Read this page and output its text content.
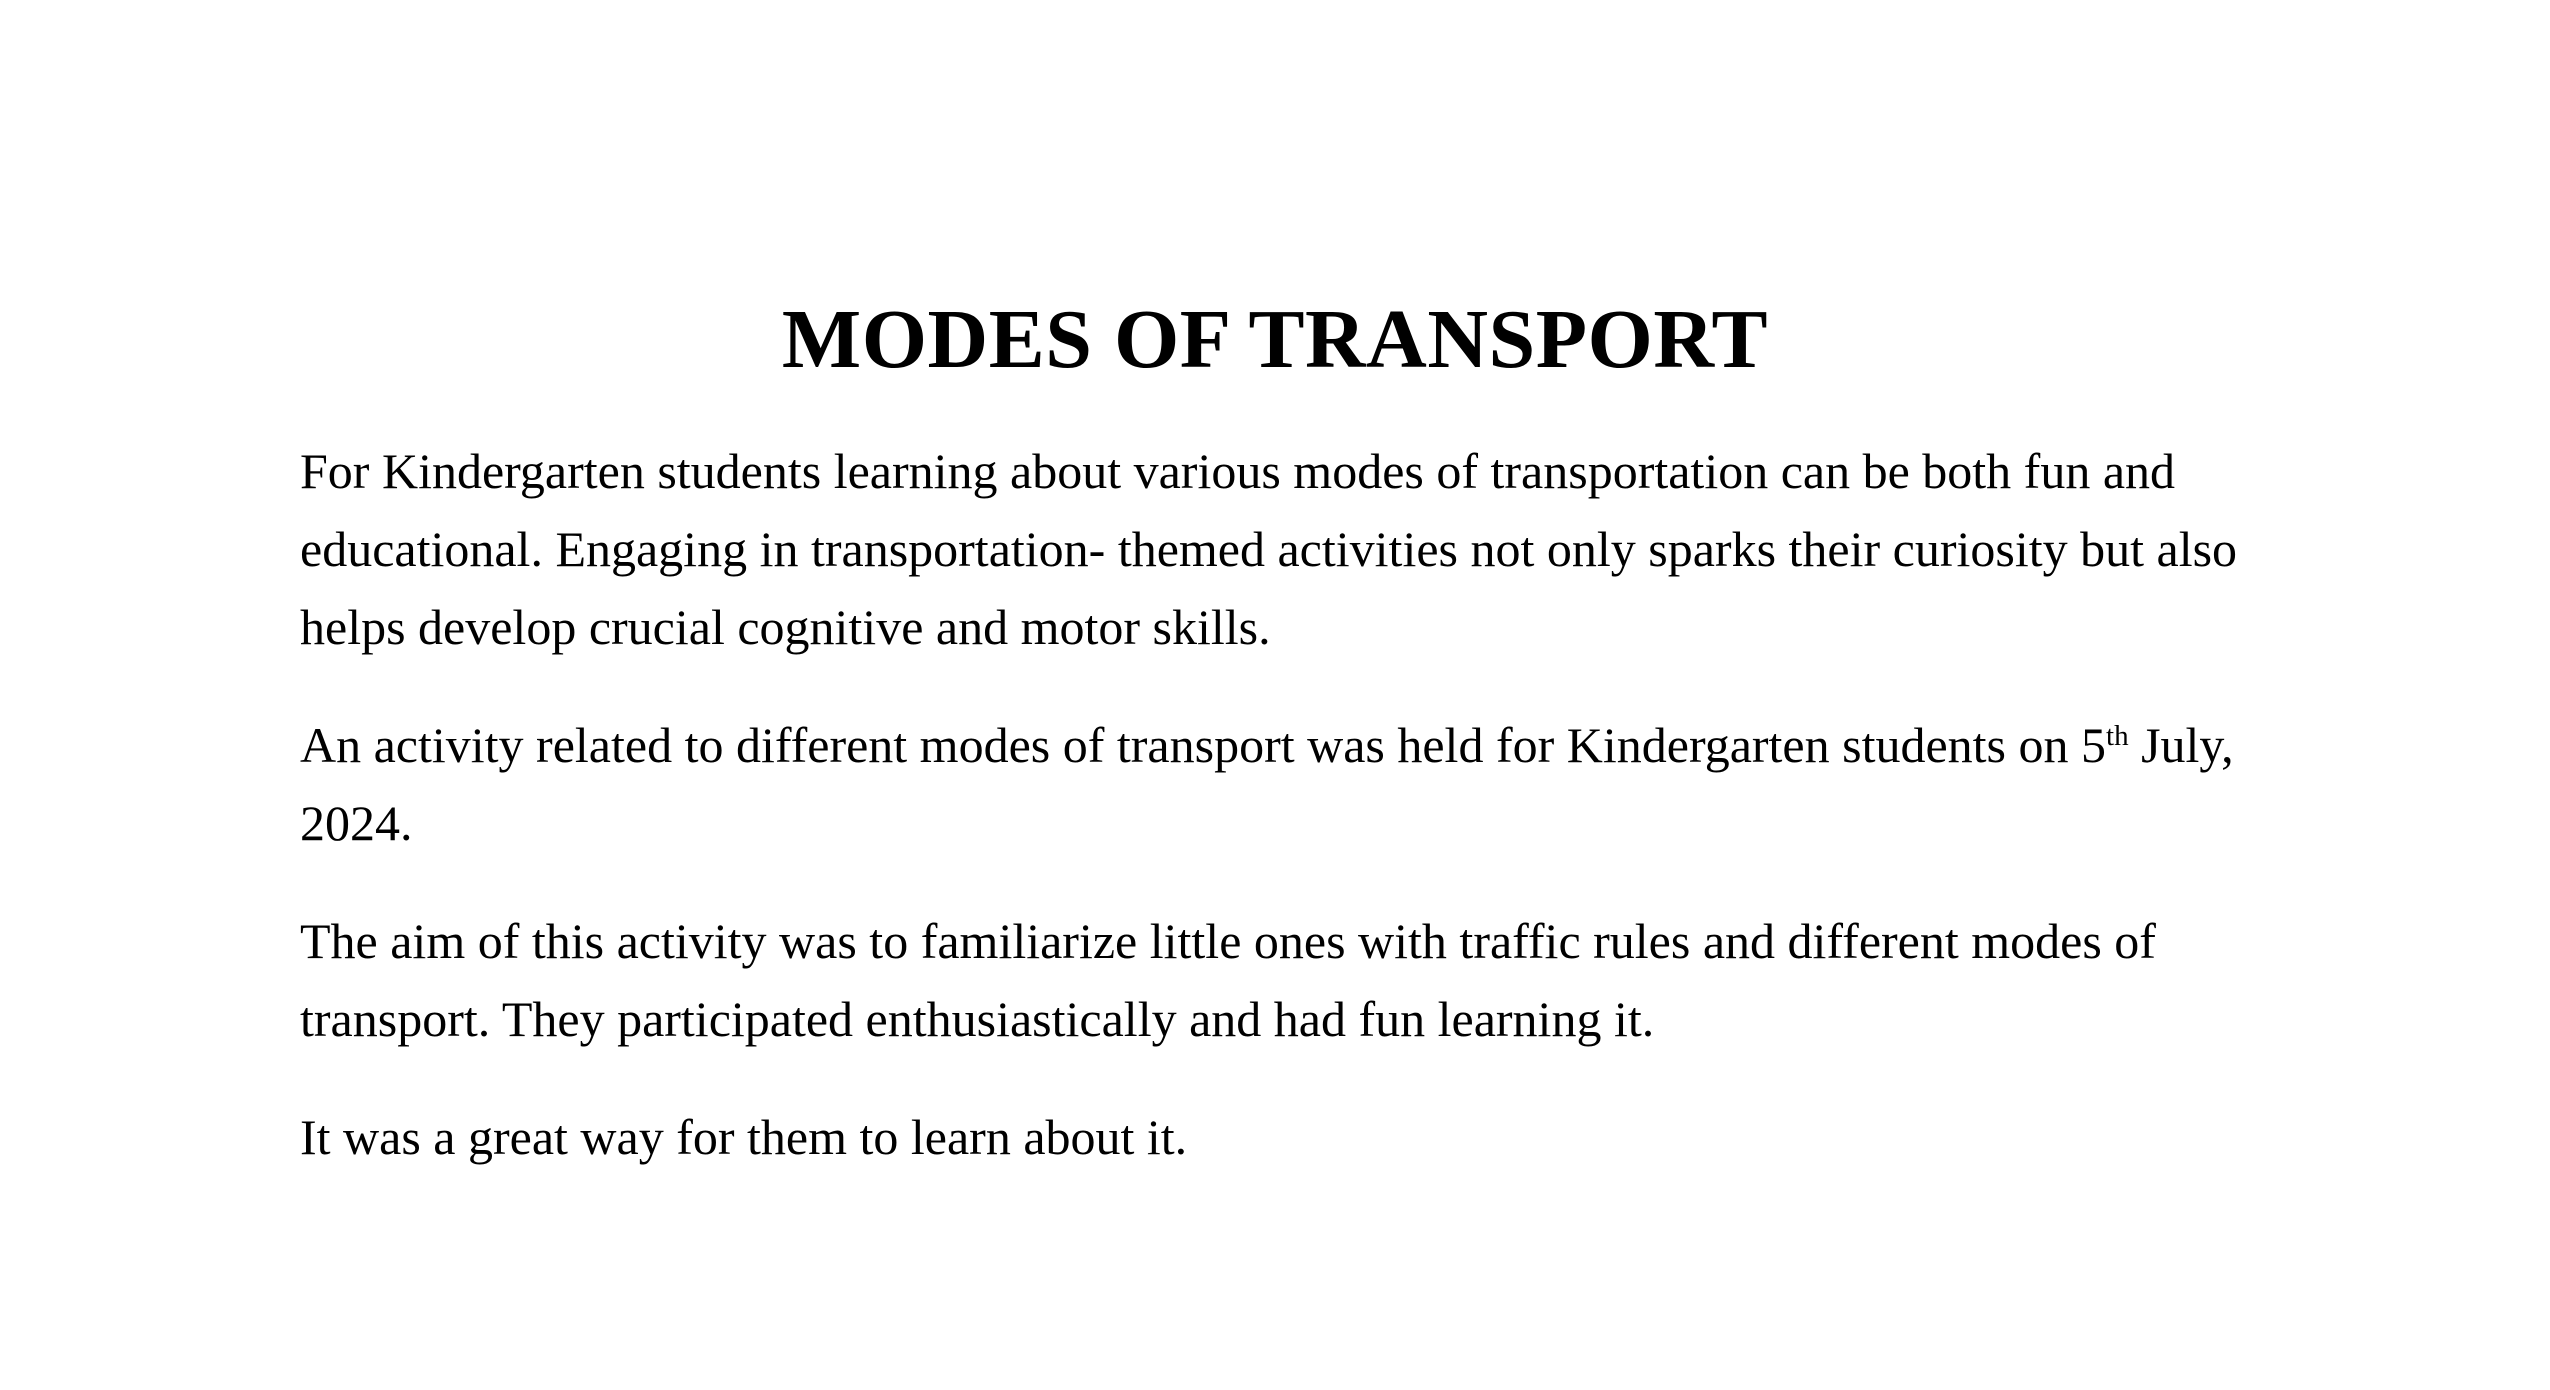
MODES OF TRANSPORT

For Kindergarten students learning about various modes of transportation can be both fun and educational. Engaging in transportation- themed activities not only sparks their curiosity but also helps develop crucial cognitive and motor skills.

An activity related to different modes of transport was held for Kindergarten students on 5th July, 2024.

The aim of this activity was to familiarize little ones with traffic rules and different modes of transport. They participated enthusiastically and had fun learning it.

It was a great way for them to learn about it.
